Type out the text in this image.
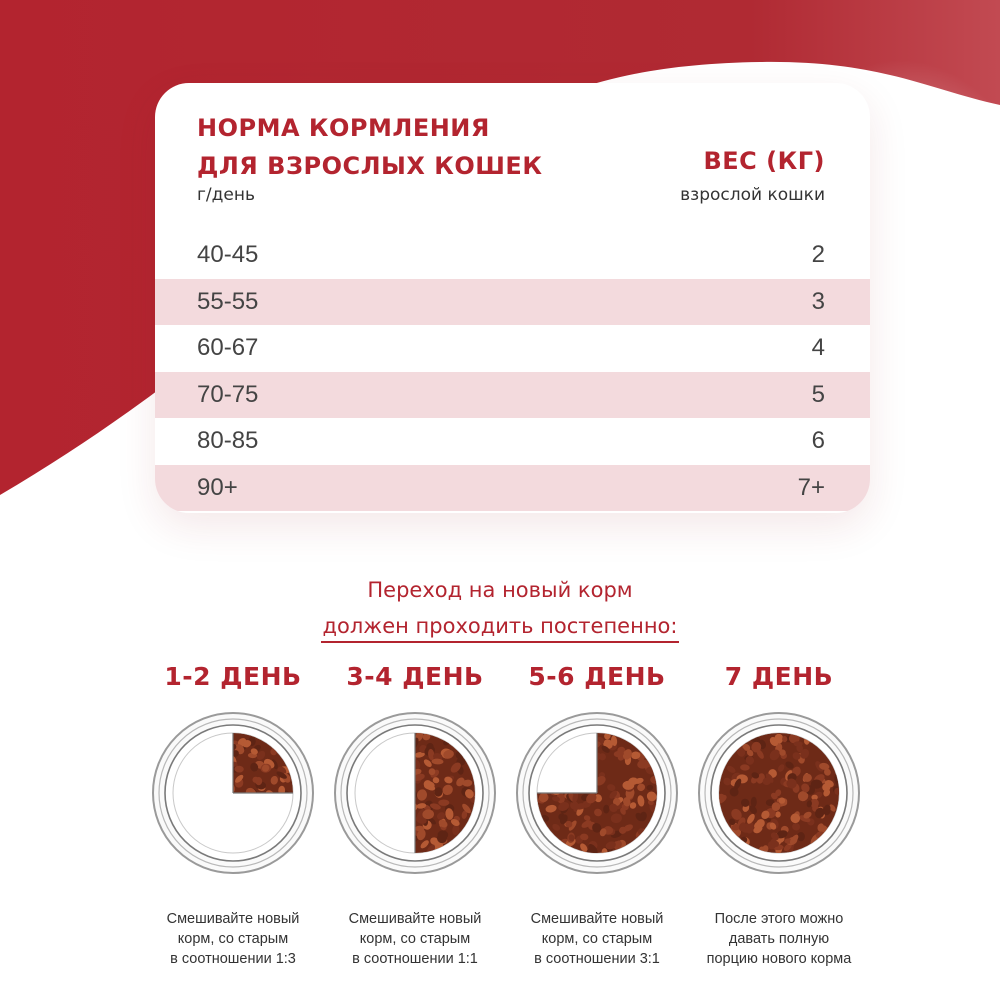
НОРМА КОРМЛЕНИЯ
ДЛЯ ВЗРОСЛЫХ КОШЕК
г/день
ВЕС (КГ)
взрослой кошки
40-45	2
55-55	3
60-67	4
70-75	5
80-85	6
90+	7+
Переход на новый корм
должен проходить постепенно:
1-2 ДЕНЬ
Смешивайте новый
корм, со старым
в соотношении 1:3
3-4 ДЕНЬ
Смешивайте новый
корм, со старым
в соотношении 1:1
5-6 ДЕНЬ
Смешивайте новый
корм, со старым
в соотношении 3:1
7 ДЕНЬ
После этого можно
давать полную
порцию нового корма
